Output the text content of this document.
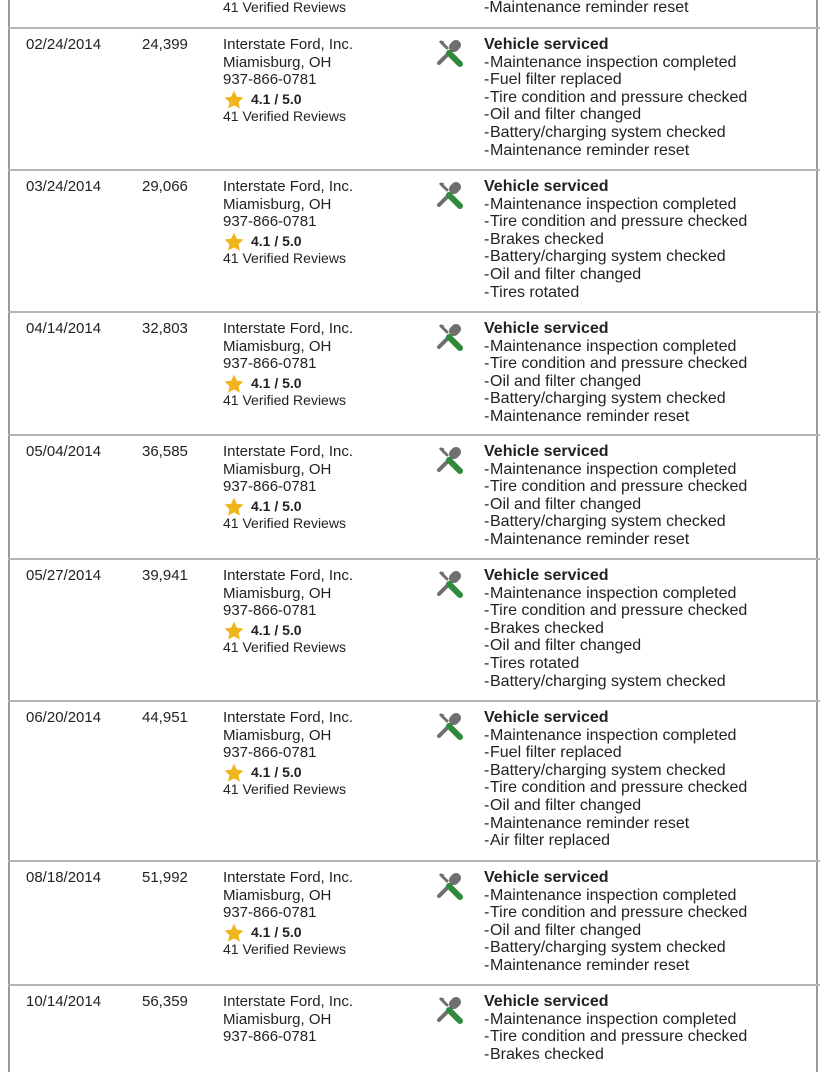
41 Verified Reviews	-Maintenance reminder reset
02/24/2014	24,399 Interstate Ford, Inc.
Miamisburg, OH
937-866-0781
4.1 / 5.0
41 Verified Reviews
Vehicle serviced
- Maintenance inspection completed
- Fuel filter replaced
- Tire condition and pressure checked
- Oil and filter changed
- Battery/charging system checked
- Maintenance reminder reset
03/24/2014	29,066 Interstate Ford, Inc.
Miamisburg, OH
937-866-0781
4.1 / 5.0
41 Verified Reviews
Vehicle serviced
- Maintenance inspection completed
- Tire condition and pressure checked
- Brakes checked
- Battery/charging system checked
- Oil and filter changed
- Tires rotated
04/14/2014	32,803 Interstate Ford, Inc.
Miamisburg, OH
937-866-0781
4.1 / 5.0
41 Verified Reviews
Vehicle serviced
- Maintenance inspection completed
- Tire condition and pressure checked
- Oil and filter changed
- Battery/charging system checked
- Maintenance reminder reset
05/04/2014	36,585 Interstate Ford, Inc.
Miamisburg, OH
937-866-0781
4.1 / 5.0
41 Verified Reviews
Vehicle serviced
- Maintenance inspection completed
- Tire condition and pressure checked
- Oil and filter changed
- Battery/charging system checked
- Maintenance reminder reset
05/27/2014	39,941 Interstate Ford, Inc.
Miamisburg, OH
937-866-0781
4.1 / 5.0
41 Verified Reviews
Vehicle serviced
- Maintenance inspection completed
- Tire condition and pressure checked
- Brakes checked
- Oil and filter changed
- Tires rotated
- Battery/charging system checked
06/20/2014	44,951 Interstate Ford, Inc.
Miamisburg, OH
937-866-0781
4.1 / 5.0
41 Verified Reviews
Vehicle serviced
- Maintenance inspection completed
- Fuel filter replaced
- Battery/charging system checked
- Tire condition and pressure checked
- Oil and filter changed
- Maintenance reminder reset
- Air filter replaced
08/18/2014	51,992 Interstate Ford, Inc.
Miamisburg, OH
937-866-0781
4.1 / 5.0
41 Verified Reviews
Vehicle serviced
- Maintenance inspection completed
- Tire condition and pressure checked
- Oil and filter changed
- Battery/charging system checked
- Maintenance reminder reset
10/14/2014	56,359 Interstate Ford, Inc.
Miamisburg, OH
937-866-0781
Vehicle serviced
- Maintenance inspection completed
- Tire condition and pressure checked
- Brakes checked
